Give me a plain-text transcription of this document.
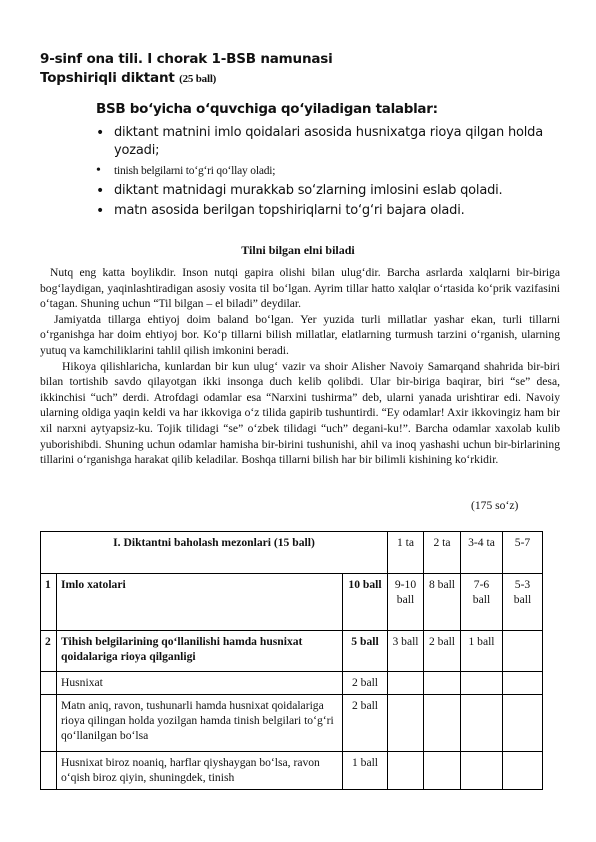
9-sinf ona tili. I chorak 1-BSB namunasi
Topshiriqli diktant (25 ball)
BSB bo‘yicha o‘quvchiga qo‘yiladigan talablar:
• diktant matnini imlo qoidalari asosida husnixatga rioya qilgan holda yozadi;
• tinish belgilarni to‘g‘ri qo‘llay oladi;
• diktant matnidagi murakkab so‘zlarning imlosini eslab qoladi.
• matn asosida berilgan topshiriqlarni to‘g‘ri bajara oladi.
Tilni bilgan elni biladi

Nutq eng katta boylikdir. Inson nutqi gapira olishi bilan ulug‘dir. Barcha asrlarda xalqlarni bir-biriga bog‘laydigan, yaqinlashtiradigan asosiy vosita til bo‘lgan. Ayrim tillar hatto xalqlar o‘rtasida ko‘prik vazifasini o‘tagan. Shuning uchun “Til bilgan – el biladi” deydilar.

Jamiyatda tillarga ehtiyoj doim baland bo‘lgan. Yer yuzida turli millatlar yashar ekan, turli tillarni o‘rganishga har doim ehtiyoj bor. Ko‘p tillarni bilish millatlar, elatlarning turmush tarzini o‘rganish, ularning yutuq va kamchiliklarini tahlil qilish imkonini beradi.

Hikoya qilishlaricha, kunlardan bir kun ulug‘ vazir va shoir Alisher Navoiy Samarqand shahrida bir-biri bilan tortishib savdo qilayotgan ikki insonga duch kelib qolibdi. Ular bir-biriga baqirar, biri “se” desa, ikkinchisi “uch” derdi. Atrofdagi odamlar esa “Narxini tushirma” deb, ularni yanada urishtirar edi. Navoiy ularning oldiga yaqin keldi va har ikkoviga o‘z tilida gapirib tushuntirdi. “Ey odamlar! Axir ikkovingiz ham bir xil narxni aytyapsiz-ku. Tojik tilidagi “se” o‘zbek tilidagi “uch” degani-ku!”. Barcha odamlar xaxolab kulib yuborishibdi. Shuning uchun odamlar hamisha bir-birini tushunishi, ahil va inoq yashashi uchun bir-birlarining tillarini o‘rganishga harakat qilib keladilar. Boshqa tillarni bilish har bir bilimli kishining ko‘rkidir.

(175 so‘z)
I. Diktantni baholash mezonlari (15 ball)			1 ta	2 ta	3-4 ta	5-7
1	Imlo xatolari	10 ball	9-10 ball	8 ball	7-6 ball	5-3 ball
2	Tihish belgilarining qo‘llanilishi hamda husnixat qoidalariga rioya qilganligi	5 ball	3 ball	2 ball	1 ball	
	Husnixat	2 ball				
	Matn aniq, ravon, tushunarli hamda husnixat qoidalariga rioya qilingan holda yozilgan hamda tinish belgilari to‘g‘ri qo‘llanilgan bo‘lsa	2 ball				
	Husnixat biroz noaniq, harflar qiyshaygan bo‘lsa, ravon o‘qish biroz qiyin, shuningdek, tinish	1 ball				
